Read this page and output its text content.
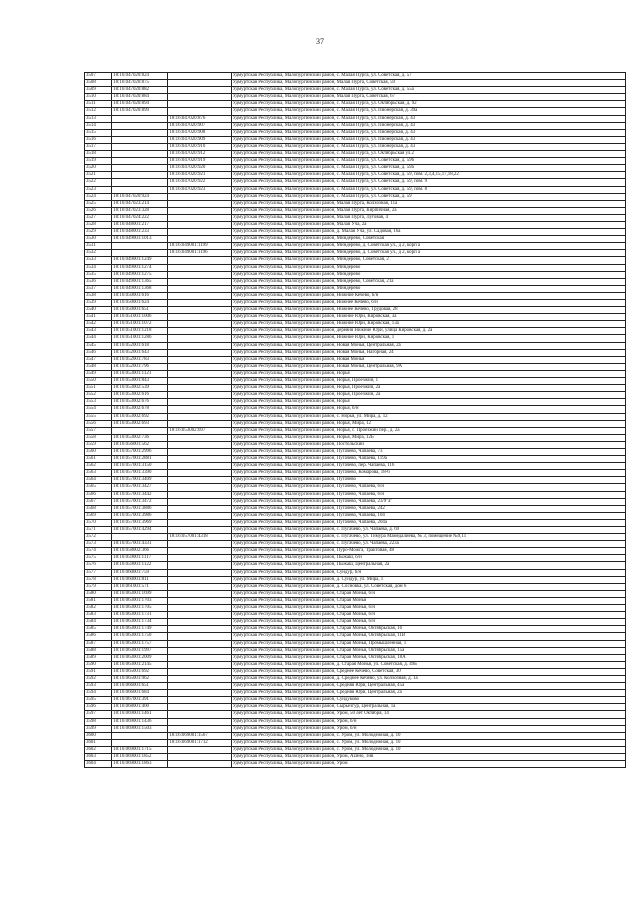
37
3507	18:16:047020:824		Удмуртская Республика, Малопургинский район, с. Малая Пурга, ул. Советская, д. 57
3508	18:16:047020:875		Удмуртская Республика, Малопургинский район, Малая Пурга, Советская, 59
3509	18:16:047020:882		Удмуртская Республика, Малопургинский район, с. Малая Пурга, ул. Советская, д. 55а
3510	18:16:047020:884		Удмуртская Республика, Малопургинский район, Малая Пурга, Советская, 67
3511	18:16:047020:894		Удмуртская Республика, Малопургинский район, с. Малая Пурга, ул. Октябрьская, д. 92
3512	18:16:047020:899		Удмуртская Республика, Малопургинский район, с. Малая Пурга, ул. Пионерская, д. 39а
3513		18:16:047020:876	Удмуртская Республика, Малопургинский район, с. Малая Пурга, ул. Пионерская, д. 43
3514		18:16:047020:907	Удмуртская Республика, Малопургинский район, с. Малая Пурга, ул. Пионерская, д. 43
3515		18:16:047020:908	Удмуртская Республика, Малопургинский район, с. Малая Пурга, ул. Пионерская, д. 43
3516		18:16:047020:909	Удмуртская Республика, Малопургинский район, с. Малая Пурга, ул. Пионерская, д. 43
3517		18:16:047020:910	Удмуртская Республика, Малопургинский район, с. Малая Пурга, ул. Пионерская, д. 43
3518		18:16:047020:912	Удмуртская Республика, Малопургинский район, с. Малая Пурга, ул. Октябрьская ул.2
3519		18:16:047020:919	Удмуртская Республика, Малопургинский район, с. Малая Пурга, ул. Советская, д. 59б
3520		18:16:047020:920	Удмуртская Республика, Малопургинский район, с. Малая Пурга, ул. Советская, д. 59а
3521		18:16:047020:921	Удмуртская Республика, Малопургинский район, с. Малая Пурга, ул. Советская, д. 59, пом. 2,3,4,15,17,18,22
3522		18:16:047020:922	Удмуртская Республика, Малопургинский район, с. Малая Пурга, ул. Советская, д. 59, пом. 9
3523		18:16:047020:923	Удмуртская Республика, Малопургинский район, с. Малая Пурга, ул. Советская, д. 59, пом. 8
3524	18:16:047020:924		Удмуртская Республика, Малопургинский район, с. Малая Пурга, ул. Советская, д. 59
3525	18:16:047023:214		Удмуртская Республика, Малопургинский район, Малая Пурга, Колхозная, 11а
3526	18:16:047023:328		Удмуртская Республика, Малопургинский район, Малая Пурга, Кирпичная, 2а
3527	18:16:047024:222		Удмуртская Республика, Малопургинский район, Малая Пурга, Луговая, 4
3528	18:16:048001:217		Удмуртская Республика, Малопургинский район, Малая Уча, 2а
3529	18:16:048001:233		Удмуртская Республика, Малопургинский район, д. Малая Уча, ул. Садовая, 16а
3530	18:16:049001:1013		Удмуртская Республика, Малопургинский район, Миндерево, Советская
3531		18:16:049001:1199	Удмуртская Республика, Малопургинский район, Миндерево, д. Советская ул., д 2, корп а
3532		18:16:049001:1196	Удмуртская Республика, Малопургинский район, Миндерево, д. Советская ул., д 2, корп а
3533	18:16:049001:1249		Удмуртская Республика, Малопургинский район, Миндерево, Советская, 2
3534	18:16:049001:1274		Удмуртская Республика, Малопургинский район, Миндерево
3535	18:16:049001:1275		Удмуртская Республика, Малопургинский район, Миндерево
3536	18:16:049001:1365		Удмуртская Республика, Малопургинский район, Миндерево, Советская, 21а
3537	18:16:049001:1368		Удмуртская Республика, Малопургинский район, Миндерево
3538	18:16:050001:616		Удмуртская Республика, Малопургинский район, Нижние Кечево, б/н
3539	18:16:050001:624		Удмуртская Республика, Малопургинский район, Нижнее Кечево, б/н
3540	18:16:050001:651		Удмуртская Республика, Малопургинский район, Нижнее Кечево, Трудовая, 28
3541	18:16:051001:1006		Удмуртская Республика, Малопургинский район, Нижние Юри, Кировская, 3а
3542	18:16:051001:1072		Удмуртская Республика, Малопургинский район, Нижние Юри, Кировская, 13а
3543	18:16:051001:1218		Удмуртская Республика, Малопургинский район, деревня Нижние Юри, улица Кировская, д. 2а
3544	18:16:051001:1286		Удмуртская Республика, Малопургинский район, Нижние Юри, Кировская, 1
3545	18:16:052001:618		Удмуртская Республика, Малопургинский район, Новая Монья, Центральная, 2а
3546	18:16:052001:643		Удмуртская Республика, Малопургинский район, Новая Монья, Нагорная, 24
3547	18:16:052001:783		Удмуртская Республика, Малопургинский район, Новая Монья
3548	18:16:052001:796		Удмуртская Республика, Малопургинский район, Новая Монья, Центральная, 9А
3549	18:16:053001:1121		Удмуртская Республика, Малопургинский район, Норья
3550	18:16:053001:843		Удмуртская Республика, Малопургинский район, Норья, Проезжий, 1
3551	18:16:053002:539		Удмуртская Республика, Малопургинский район, Норья, Проезжий, 2а
3552	18:16:053002:616		Удмуртская Республика, Малопургинский район, Норья, Проезжий, 2а
3553	18:16:053002:676		Удмуртская Республика, Малопургинский район, Норья
3554	18:16:053002:678		Удмуртская Республика, Малопургинский район, Норья, б/н
3555	18:16:053002:692		Удмуртская Республика, Малопургинский район, с. Норья, ул. Мира, д. 12
3556	18:16:053002:693		Удмуртская Республика, Малопургинский район, Норья, Мира, 12
3557		18:16:053002:697	Удмуртская Республика, Малопургинский район, Норья, с. Проезжий пер., д. 2а
3558	18:16:053002:736		Удмуртская Республика, Малопургинский район, Норья, Мира, 12Б
3559	18:16:056001:562		Удмуртская Республика, Малопургинский район, Постольский
3560	18:16:057001:2996		Удмуртская Республика, Малопургинский район, Пугачево, Чапаева, 73
3561	18:16:057001:2881		Удмуртская Республика, Малопургинский район, Пугачево, Чапаева, 119а
3562	18:16:057001:3150		Удмуртская Республика, Малопургинский район, Пугачево, пер. Чапаева, 116
3563	18:16:057001:3390		Удмуртская Республика, Малопургинский район, Пугачево, Комарова, 18-6
3564	18:16:057001:3409		Удмуртская Республика, Малопургинский район, Пугачево
3565	18:16:057001:3427		Удмуртская Республика, Малопургинский район, Пугачево, Чапаева, б/н
3566	18:16:057001:3442		Удмуртская Республика, Малопургинский район, Пугачево, Чапаева, б/н
3567	18:16:057001:3472		Удмуртская Республика, Малопургинский район, Пугачево, Чапаева, 23/9"а"
3568	18:16:057001:3886		Удмуртская Республика, Малопургинский район, Пугачево, Чапаева, 242
3569	18:16:057001:3986		Удмуртская Республика, Малопургинский район, Пугачево, Чапаева, 104
3570	18:16:057001:3969		Удмуртская Республика, Малопургинский район, Пугачево, Чапаева, 204а
3571	18:16:057001:4294		Удмуртская Республика, Малопургинский район, с. Пугачево, ул. Чапаева, д. 69
3572		18:16:057001:4318	Удмуртская Республика, Малопургинский район, с. Пугачево, ул. Тимура Мамедалиева, № 3, помещение №9,11
3573	18:16:057001:4331		Удмуртская Республика, Малопургинский район, с. Пугачево, ул. Чапаева, 223а
3574	18:16:058002:366		Удмуртская Республика, Малопургинский район, Пуро-Можга, Трактовая, 48
3575	18:16:059001:1117		Удмуртская Республика, Малопургинский район, Пыжаш, б/н
3576	18:16:059001:1122		Удмуртская Республика, Малопургинский район, Пыжаш, Центральная, 2а
3577	18:16:060001:759		Удмуртская Республика, Малопургинский район, Сундур, б/н
3578	18:16:060001:811		Удмуртская Республика, Малопургинский район, д. Сундур, ул. Мира, 1
3579	18:16:061001:571		Удмуртская Республика, Малопургинский район, д. Сосновка, ул. Советская, дом 6
3580	18:16:063001:1699		Удмуртская Республика, Малопургинский район, Старая Монья, б/н
3581	18:16:063001:1703		Удмуртская Республика, Малопургинский район, Старая Монья
3582	18:16:063001:1705		Удмуртская Республика, Малопургинский район, Старая Монья, б/н
3583	18:16:063001:1731		Удмуртская Республика, Малопургинский район, Старая Монья, б/н
3584	18:16:063001:1734		Удмуртская Республика, Малопургинский район, Старая Монья, б/н
3585	18:16:063001:1749		Удмуртская Республика, Малопургинский район, Старая Монья, Октябрьская, 16
3586	18:16:063001:1750		Удмуртская Республика, Малопургинский район, Старая Монья, Октябрьская, 11В
3587	18:16:063001:1757		Удмуртская Республика, Малопургинский район, Старая Монья, Промышленная, 1
3588	18:16:063001:1997		Удмуртская Республика, Малопургинский район, Старая Монья, Октябрьская, 15а
3589	18:16:063001:2009		Удмуртская Республика, Малопургинский район, Старая Монья, Октябрьская, 18А
3590	18:16:063001:2145		Удмуртская Республика, Малопургинский район, д. Старая Монья, ул. Советская, д. 49Б
3591	18:16:065001:692		Удмуртская Республика, Малопургинский район, Среднее Кечево, Советская, 30
3592	18:16:065001:962		Удмуртская Республика, Малопургинский район, д. Среднее Кечево, ул. Колхозная, д. 1а
3593	18:16:066001:651		Удмуртская Республика, Малопургинский район, Средняя Юри, Центральная, 45а
3594	18:16:066001:684		Удмуртская Республика, Малопургинский район, Средняя Юри, Центральная, 2а
3595	18:16:067001:391		Удмуртская Республика, Малопургинский район, Сундуково
3596	18:16:068001:400		Удмуртская Республика, Малопургинский район, Сырьезгур, Центральная, 1а
3597	18:16:069001:1461		Удмуртская Республика, Малопургинский район, Уром, 50 лет Октября, 14
3598	18:16:069001:1436		Удмуртская Республика, Малопургинский район, Уром, б/н
3599	18:16:069001:1503		Удмуртская Республика, Малопургинский район, Уром, б/н
3600		18:16:069001:1567	Удмуртская Республика, Малопургинский район, с. Уром, ул. Молодежная, д. 10
3601		18:16:069001:1712	Удмуртская Республика, Малопургинский район, с. Уром, ул. Молодежная, д. 10
3602	18:16:069001:1715		Удмуртская Республика, Малопургинский район, с. Уром, ул. Молодежная, д. 10
3603	18:16:069001:1852		Удмуртская Республика, Малопургинский район, Уром, Azинo, 1нв
3604	18:16:069001:1863		Удмуртская Республика, Малопургинский район, Уром
